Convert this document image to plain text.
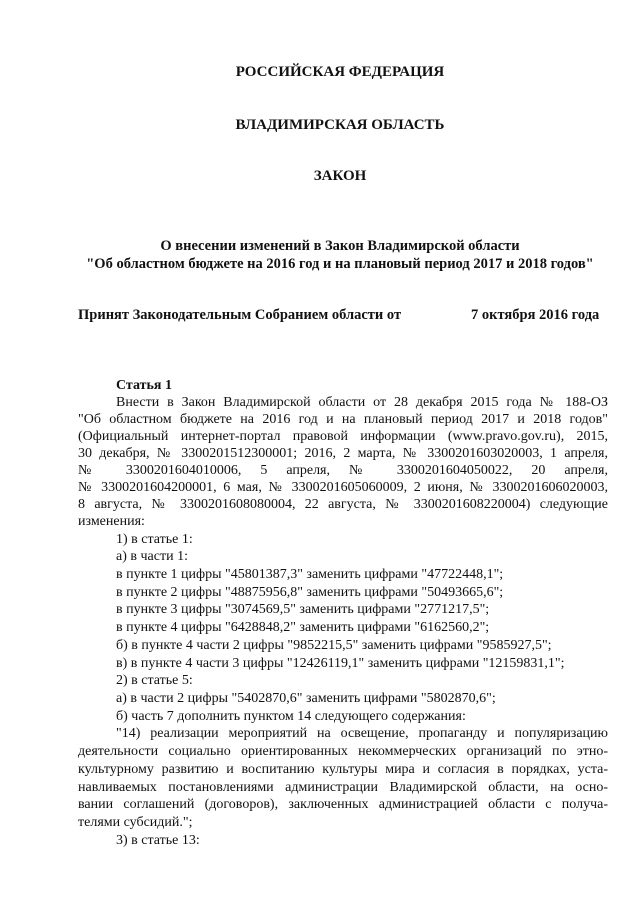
РОССИЙСКАЯ ФЕДЕРАЦИЯ
ВЛАДИМИРСКАЯ ОБЛАСТЬ
ЗАКОН
О внесении изменений в Закон Владимирской области
"Об областном бюджете на 2016 год и на плановый период 2017 и 2018 годов"
Принят Законодательным Собранием области от	7 октября 2016 года
Статья 1
Внести в Закон Владимирской области от 28 декабря 2015 года № 188-ОЗ
"Об областном бюджете на 2016 год и на плановый период 2017 и 2018 годов"
(Официальный интернет-портал правовой информации (www.pravo.gov.ru), 2015,
30 декабря, № 3300201512300001; 2016, 2 марта, № 3300201603020003, 1 апреля,
№ 3300201604010006, 5 апреля, № 3300201604050022, 20 апреля,
№ 3300201604200001, 6 мая, № 3300201605060009, 2 июня, № 3300201606020003,
8 августа, № 3300201608080004, 22 августа, № 3300201608220004) следующие
изменения:
1) в статье 1:
а) в части 1:
в пункте 1 цифры "45801387,3" заменить цифрами "47722448,1";
в пункте 2 цифры "48875956,8" заменить цифрами "50493665,6";
в пункте 3 цифры "3074569,5" заменить цифрами "2771217,5";
в пункте 4 цифры "6428848,2" заменить цифрами "6162560,2";
б) в пункте 4 части 2 цифры "9852215,5" заменить цифрами "9585927,5";
в) в пункте 4 части 3 цифры "12426119,1" заменить цифрами "12159831,1";
2) в статье 5:
а) в части 2 цифры "5402870,6" заменить цифрами "5802870,6";
б) часть 7 дополнить пунктом 14 следующего содержания:
"14) реализации мероприятий на освещение, пропаганду и популяризацию
деятельности социально ориентированных некоммерческих организаций по этно-
культурному развитию и воспитанию культуры мира и согласия в порядках, уста-
навливаемых постановлениями администрации Владимирской области, на осно-
вании соглашений (договоров), заключенных администрацией области с получа-
телями субсидий.";
3) в статье 13:
